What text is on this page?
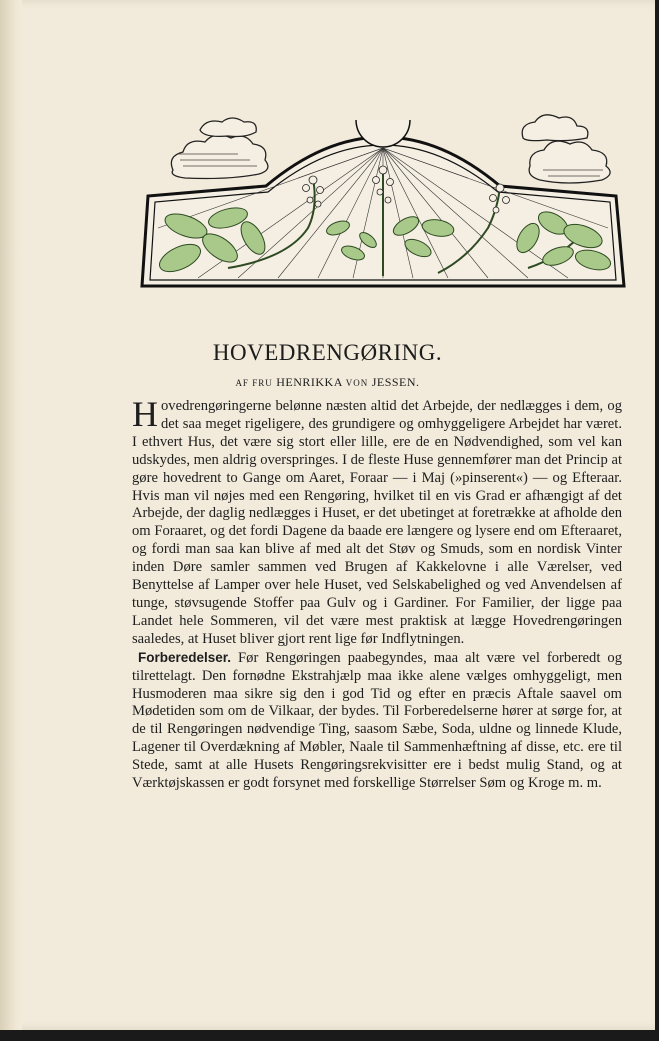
HOVEDRENGØRING.
AF FRU HENRIKKA VON JESSEN.

Hovedrengøringerne belønne næsten altid det Arbejde, der nedlægges i dem, og det saa meget rigeligere, des grundigere og omhyggeligere Arbejdet har været. I ethvert Hus, det være sig stort eller lille, ere de en Nødvendighed, som vel kan udskydes, men aldrig overspringes. I de fleste Huse gennemfører man det Princip at gøre hovedrent to Gange om Aaret, Foraar — i Maj (»pinserent«) — og Efteraar. Hvis man vil nøjes med een Rengøring, hvilket til en vis Grad er afhængigt af det Arbejde, der daglig nedlægges i Huset, er det ubetinget at foretrække at afholde den om Foraaret, og det fordi Dagene da baade ere længere og lysere end om Efteraaret, og fordi man saa kan blive af med alt det Støv og Smuds, som en nordisk Vinter inden Døre samler sammen ved Brugen af Kakkelovne i alle Værelser, ved Benyttelse af Lamper over hele Huset, ved Selskabelighed og ved Anvendelsen af tunge, støvsugende Stoffer paa Gulv og i Gardiner. For Familier, der ligge paa Landet hele Sommeren, vil det være mest praktisk at lægge Hovedrengøringen saaledes, at Huset bliver gjort rent lige før Indflytningen.

Forberedelser. Før Rengøringen paabegyndes, maa alt være vel forberedt og tilrettelagt. Den fornødne Ekstrahjælp maa ikke alene vælges omhyggeligt, men Husmoderen maa sikre sig den i god Tid og efter en præcis Aftale saavel om Mødetiden som om de Vilkaar, der bydes. Til Forberedelserne hører at sørge for, at de til Rengøringen nødvendige Ting, saasom Sæbe, Soda, uldne og linnede Klude, Lagener til Overdækning af Møbler, Naale til Sammenhæftning af disse, etc. ere til Stede, samt at alle Husets Rengøringsrekvisitter ere i bedst mulig Stand, og at Værktøjskassen er godt forsynet med forskellige Størrelser Søm og Kroge m. m.
